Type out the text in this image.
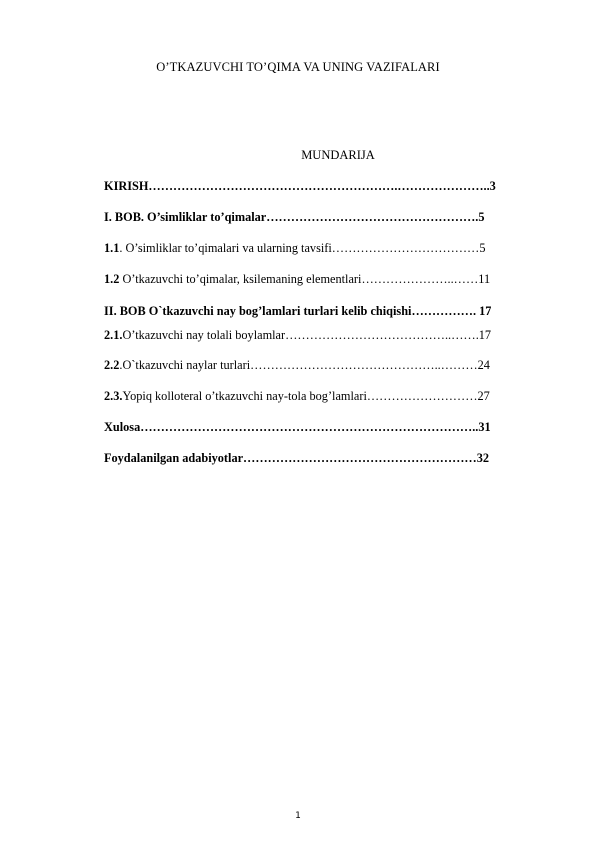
O’TKAZUVCHI TO’QIMA VA UNING VAZIFALARI
MUNDARIJA
KIRISH…………………………………………………….…………………..3
I. BOB. O’simliklar to’qimalar…………………………………………….5
1.1. O’simliklar to’qimalari va ularning tavsifi………………………………5
1.2 O’tkazuvchi to’qimalar, ksilemaning elementlari…………………..……11
II. BOB O`tkazuvchi nay bog’lamlari turlari kelib chiqishi……………. 17
2.1.O’tkazuvchi nay tolali boylamlar…………………………………..…….17
2.2.O`tkazuvchi naylar turlari………………………………………..………24
2.3.Yopiq kolloteral o’tkazuvchi nay-tola bog’lamlari………………………27
Xulosa………………………………………………………………………..31
Foydalanilgan adabiyotlar…………………………………………………32
1
